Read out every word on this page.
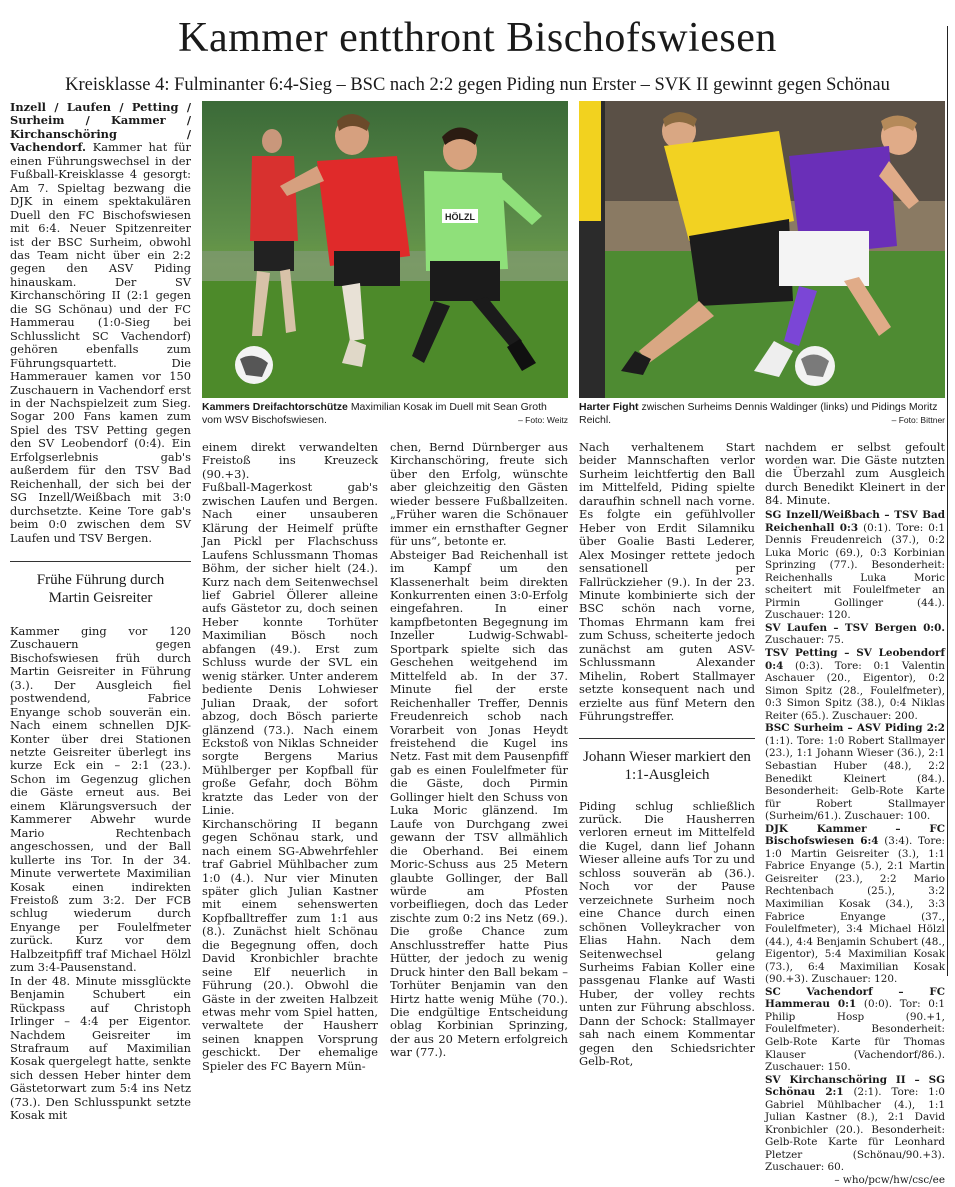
Kammer entthront Bischofswiesen

Kreisklasse 4: Fulminanter 6:4-Sieg – BSC nach 2:2 gegen Piding nun Erster – SVK II gewinnt gegen Schönau

Inzell / Laufen / Petting / Surheim / Kammer / Kirchanschöring / Vachendorf. Kammer hat für einen Führungswechsel in der Fußball-Kreisklasse 4 gesorgt: Am 7. Spieltag bezwang die DJK in einem spektakulären Duell den FC Bischofswiesen mit 6:4. Neuer Spitzenreiter ist der BSC Surheim, obwohl das Team nicht über ein 2:2 gegen den ASV Piding hinauskam. Der SV Kirchanschöring II (2:1 gegen die SG Schönau) und der FC Hammerau (1:0-Sieg bei Schlusslicht SC Vachendorf) gehören ebenfalls zum Führungsquartett. Die Hammerauer kamen vor 150 Zuschauern in Vachendorf erst in der Nachspielzeit zum Sieg. Sogar 200 Fans kamen zum Spiel des TSV Petting gegen den SV Leobendorf (0:4). Ein Erfolgserlebnis gab's außerdem für den TSV Bad Reichenhall, der sich bei der SG Inzell/Weißbach mit 3:0 durchsetzte. Keine Tore gab's beim 0:0 zwischen dem SV Laufen und TSV Bergen.

Frühe Führung durch Martin Geisreiter

Kammer ging vor 120 Zuschauern gegen Bischofswiesen früh durch Martin Geisreiter in Führung (3.). Der Ausgleich fiel postwendend, Fabrice Enyange schob souverän ein. Nach einem schnellen DJK-Konter über drei Stationen netzte Geisreiter überlegt ins kurze Eck ein – 2:1 (23.). Schon im Gegenzug glichen die Gäste erneut aus. Bei einem Klärungsversuch der Kammerer Abwehr wurde Mario Rechtenbach angeschossen, und der Ball kullerte ins Tor. In der 34. Minute verwertete Maximilian Kosak einen indirekten Freistoß zum 3:2. Der FCB schlug wiederum durch Enyange per Foulelfmeter zurück. Kurz vor dem Halbzeitpfiff traf Michael Hölzl zum 3:4-Pausenstand.

In der 48. Minute missglückte Benjamin Schubert ein Rückpass auf Christoph Irlinger – 4:4 per Eigentor. Nachdem Geisreiter im Strafraum auf Maximilian Kosak quergelegt hatte, senkte sich dessen Heber hinter dem Gästetorwart zum 5:4 ins Netz (73.). Den Schlusspunkt setzte Kosak mit

HÖLZL
Kammers Dreifachtorschütze Maximilian Kosak im Duell mit Sean Groth vom WSV Bischofswiesen.	– Foto: Weitz
Harter Fight zwischen Surheims Dennis Waldinger (links) und Pidings Moritz Reichl.	– Foto: Bittner

einem direkt verwandelten Freistoß ins Kreuzeck (90.+3).

Fußball-Magerkost gab's zwischen Laufen und Bergen. Nach einer unsauberen Klärung der Heimelf prüfte Jan Pickl per Flachschuss Laufens Schlussmann Thomas Böhm, der sicher hielt (24.). Kurz nach dem Seitenwechsel lief Gabriel Öllerer alleine aufs Gästetor zu, doch seinen Heber konnte Torhüter Maximilian Bösch noch abfangen (49.). Erst zum Schluss wurde der SVL ein wenig stärker. Unter anderem bediente Denis Lohwieser Julian Draak, der sofort abzog, doch Bösch parierte glänzend (73.). Nach einem Eckstoß von Niklas Schneider sorgte Bergens Marius Mühlberger per Kopfball für große Gefahr, doch Böhm kratzte das Leder von der Linie.

Kirchanschöring II begann gegen Schönau stark, und nach einem SG-Abwehrfehler traf Gabriel Mühlbacher zum 1:0 (4.). Nur vier Minuten später glich Julian Kastner mit einem sehenswerten Kopfballtreffer zum 1:1 aus (8.). Zunächst hielt Schönau die Begegnung offen, doch David Kronbichler brachte seine Elf neuerlich in Führung (20.). Obwohl die Gäste in der zweiten Halbzeit etwas mehr vom Spiel hatten, verwaltete der Hausherr seinen knappen Vorsprung geschickt. Der ehemalige Spieler des FC Bayern Mün-

chen, Bernd Dürnberger aus Kirchanschöring, freute sich über den Erfolg, wünschte aber gleichzeitig den Gästen wieder bessere Fußballzeiten. „Früher waren die Schönauer immer ein ernsthafter Gegner für uns“, betonte er.

Absteiger Bad Reichenhall ist im Kampf um den Klassenerhalt beim direkten Konkurrenten einen 3:0-Erfolg eingefahren. In einer kampfbetonten Begegnung im Inzeller Ludwig-Schwabl-Sportpark spielte sich das Geschehen weitgehend im Mittelfeld ab. In der 37. Minute fiel der erste Reichenhaller Treffer, Dennis Freudenreich schob nach Vorarbeit von Jonas Heydt freistehend die Kugel ins Netz. Fast mit dem Pausenpfiff gab es einen Foulelfmeter für die Gäste, doch Pirmin Gollinger hielt den Schuss von Luka Moric glänzend. Im Laufe von Durchgang zwei gewann der TSV allmählich die Oberhand. Bei einem Moric-Schuss aus 25 Metern glaubte Gollinger, der Ball würde am Pfosten vorbeifliegen, doch das Leder zischte zum 0:2 ins Netz (69.). Die große Chance zum Anschlusstreffer hatte Pius Hütter, der jedoch zu wenig Druck hinter den Ball bekam – Torhüter Benjamin van den Hirtz hatte wenig Mühe (70.). Die endgültige Entscheidung oblag Korbinian Sprinzing, der aus 20 Metern erfolgreich war (77.).

Nach verhaltenem Start beider Mannschaften verlor Surheim leichtfertig den Ball im Mittelfeld, Piding spielte daraufhin schnell nach vorne. Es folgte ein gefühlvoller Heber von Erdit Silamniku über Goalie Basti Lederer, Alex Mosinger rettete jedoch sensationell per Fallrückzieher (9.). In der 23. Minute kombinierte sich der BSC schön nach vorne, Thomas Ehrmann kam frei zum Schuss, scheiterte jedoch zunächst am guten ASV-Schlussmann Alexander Mihelin, Robert Stallmayer setzte konsequent nach und erzielte aus fünf Metern den Führungstreffer.

Johann Wieser markiert den 1:1-Ausgleich

Piding schlug schließlich zurück. Die Hausherren verloren erneut im Mittelfeld die Kugel, dann lief Johann Wieser alleine aufs Tor zu und schloss souverän ab (36.). Noch vor der Pause verzeichnete Surheim noch eine Chance durch einen schönen Volleykracher von Elias Hahn. Nach dem Seitenwechsel gelang Surheims Fabian Koller eine passgenau Flanke auf Wasti Huber, der volley rechts unten zur Führung abschloss. Dann der Schock: Stallmayer sah nach einem Kommentar gegen den Schiedsrichter Gelb-Rot,

nachdem er selbst gefoult worden war. Die Gäste nutzten die Überzahl zum Ausgleich durch Benedikt Kleinert in der 84. Minute.

SG Inzell/Weißbach – TSV Bad Reichenhall 0:3 (0:1). Tore: 0:1 Dennis Freudenreich (37.), 0:2 Luka Moric (69.), 0:3 Korbinian Sprinzing (77.). Besonderheit: Reichenhalls Luka Moric scheitert mit Foulelfmeter an Pirmin Gollinger (44.). Zuschauer: 120.

SV Laufen – TSV Bergen 0:0. Zuschauer: 75.

TSV Petting – SV Leobendorf 0:4 (0:3). Tore: 0:1 Valentin Aschauer (20., Eigentor), 0:2 Simon Spitz (28., Foulelfmeter), 0:3 Simon Spitz (38.), 0:4 Niklas Reiter (65.). Zuschauer: 200.

BSC Surheim – ASV Piding 2:2 (1:1). Tore: 1:0 Robert Stallmayer (23.), 1:1 Johann Wieser (36.), 2:1 Sebastian Huber (48.), 2:2 Benedikt Kleinert (84.). Besonderheit: Gelb-Rote Karte für Robert Stallmayer (Surheim/61.). Zuschauer: 100.

DJK Kammer – FC Bischofswiesen 6:4 (3:4). Tore: 1:0 Martin Geisreiter (3.), 1:1 Fabrice Enyange (5.), 2:1 Martin Geisreiter (23.), 2:2 Mario Rechtenbach (25.), 3:2 Maximilian Kosak (34.), 3:3 Fabrice Enyange (37., Foulelfmeter), 3:4 Michael Hölzl (44.), 4:4 Benjamin Schubert (48., Eigentor), 5:4 Maximilian Kosak (73.), 6:4 Maximilian Kosak (90.+3). Zuschauer: 120.

SC Vachendorf – FC Hammerau 0:1 (0:0). Tor: 0:1 Philip Hosp (90.+1, Foulelfmeter). Besonderheit: Gelb-Rote Karte für Thomas Klauser (Vachendorf/86.). Zuschauer: 150.

SV Kirchanschöring II – SG Schönau 2:1 (2:1). Tore: 1:0 Gabriel Mühlbacher (4.), 1:1 Julian Kastner (8.), 2:1 David Kronbichler (20.). Besonderheit: Gelb-Rote Karte für Leonhard Pletzer (Schönau/90.+3). Zuschauer: 60.

– who/pcw/hw/csc/ee
